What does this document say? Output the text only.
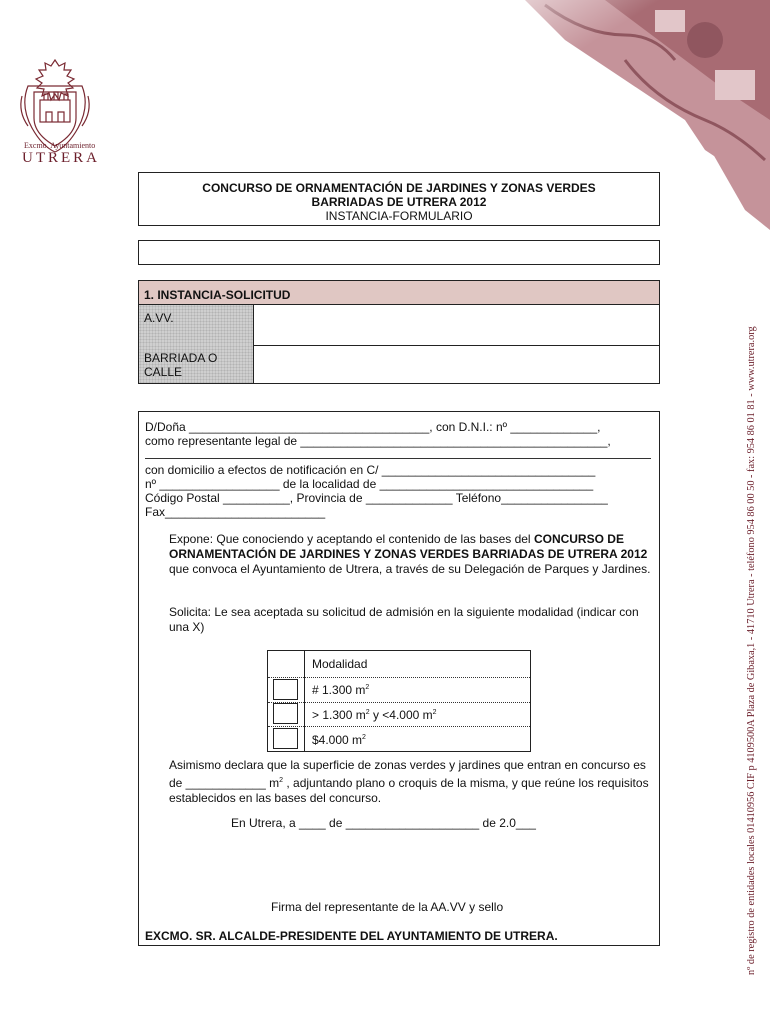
Excmo. Ayuntamiento
UTRERA
nº de registro de entidades locales 01410956 CIF p 4109500A Plaza de Gibaxa,1 - 41710 Utrera - teléfono 954 86 00 50 - fax: 954 86 01 81 - www.utrera.org
CONCURSO DE ORNAMENTACIÓN DE JARDINES Y ZONAS VERDES
BARRIADAS DE UTRERA 2012
INSTANCIA-FORMULARIO
1. INSTANCIA-SOLICITUD
A.VV.
BARRIADA O
CALLE
D/Doña ____________________________________, con D.N.I.: nº _____________,
como representante legal de ______________________________________________,
con domicilio a efectos de notificación en C/ ________________________________
nº __________________ de la localidad de ________________________________
Código Postal __________, Provincia de _____________ Teléfono________________
Fax________________________
Expone: Que conociendo y aceptando el contenido de las bases del CONCURSO DE ORNAMENTACIÓN DE JARDINES Y ZONAS VERDES BARRIADAS DE UTRERA 2012 que convoca el Ayuntamiento de Utrera, a través de su Delegación de Parques y Jardines.
Solicita: Le sea aceptada su solicitud de admisión en la siguiente modalidad (indicar con una X)
Modalidad
# 1.300 $m^2$
> 1.300 $m^2$ y <4.000 $m^2$
$4.000 $m^2$
Asimismo declara que la superficie de zonas verdes y jardines que entran en concurso es de ____________ $m^2$ , adjuntando plano o croquis de la misma, y que reúne los requisitos establecidos en las bases del concurso.
En Utrera, a ____ de ____________________ de 2.0___
Firma del representante de la AA.VV y sello
EXCMO. SR. ALCALDE-PRESIDENTE DEL AYUNTAMIENTO DE UTRERA.
